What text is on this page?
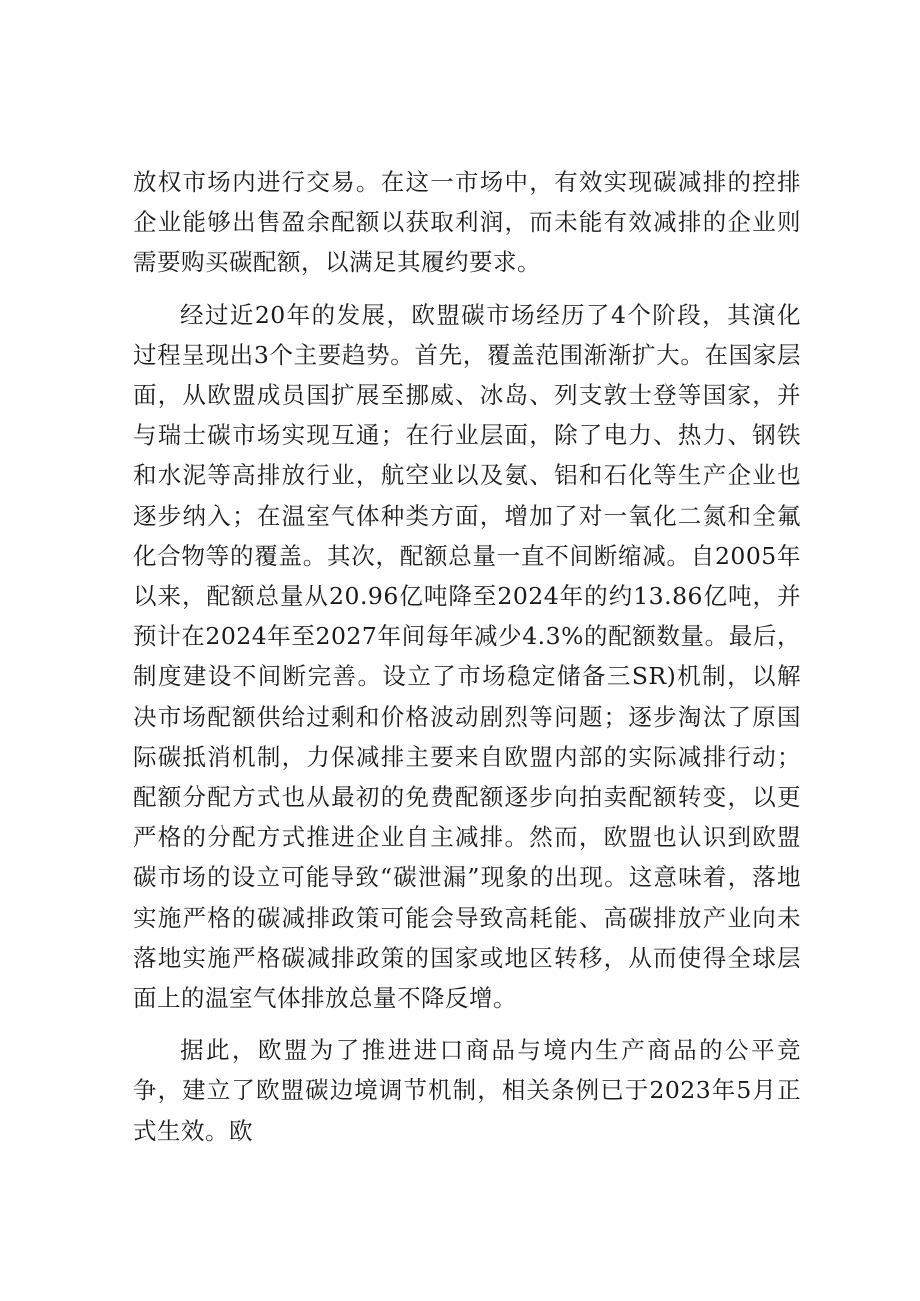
放权市场内进行交易。在这一市场中，有效实现碳减排的控排企业能够出售盈余配额以获取利润，而未能有效减排的企业则需要购买碳配额，以满足其履约要求。

经过近20年的发展，欧盟碳市场经历了4个阶段，其演化过程呈现出3个主要趋势。首先，覆盖范围渐渐扩大。在国家层面，从欧盟成员国扩展至挪威、冰岛、列支敦士登等国家，并与瑞士碳市场实现互通；在行业层面，除了电力、热力、钢铁和水泥等高排放行业，航空业以及氨、铝和石化等生产企业也逐步纳入；在温室气体种类方面，增加了对一氧化二氮和全氟化合物等的覆盖。其次，配额总量一直不间断缩减。自2005年以来，配额总量从20.96亿吨降至2024年的约13.86亿吨，并预计在2024年至2027年间每年减少4.3%的配额数量。最后，制度建设不间断完善。设立了市场稳定储备三SR)机制，以解决市场配额供给过剩和价格波动剧烈等问题；逐步淘汰了原国际碳抵消机制，力保减排主要来自欧盟内部的实际减排行动；配额分配方式也从最初的免费配额逐步向拍卖配额转变，以更严格的分配方式推进企业自主减排。然而，欧盟也认识到欧盟碳市场的设立可能导致“碳泄漏”现象的出现。这意味着，落地实施严格的碳减排政策可能会导致高耗能、高碳排放产业向未落地实施严格碳减排政策的国家或地区转移，从而使得全球层面上的温室气体排放总量不降反增。

据此，欧盟为了推进进口商品与境内生产商品的公平竞争，建立了欧盟碳边境调节机制，相关条例已于2023年5月正式生效。欧
